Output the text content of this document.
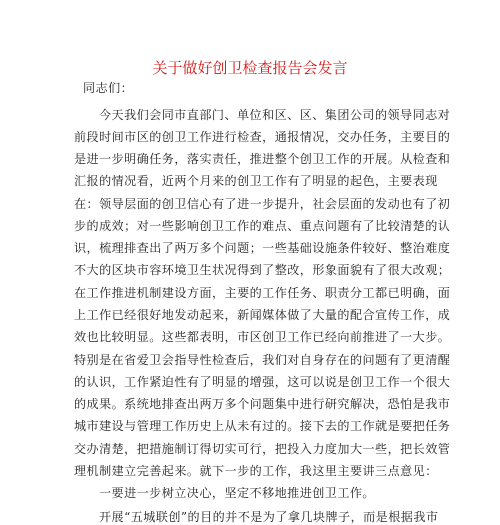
关于做好创卫检查报告会发言
同志们：
今天我们会同市直部门、单位和区、区、集团公司的领导同志对
前段时间市区的创卫工作进行检查，通报情况，交办任务，主要目的
是进一步明确任务，落实责任，推进整个创卫工作的开展。从检查和
汇报的情况看，近两个月来的创卫工作有了明显的起色，主要表现
在：领导层面的创卫信心有了进一步提升，社会层面的发动也有了初
步的成效；对一些影响创卫工作的难点、重点问题有了比较清楚的认
识，梳理排查出了两万多个问题；一些基础设施条件较好、整治难度
不大的区块市容环境卫生状况得到了整改，形象面貌有了很大改观；
在工作推进机制建设方面，主要的工作任务、职责分工都已明确，面
上工作已经很好地发动起来，新闻媒体做了大量的配合宣传工作，成
效也比较明显。这些都表明，市区创卫工作已经向前推进了一大步。
特别是在省爱卫会指导性检查后，我们对自身存在的问题有了更清醒
的认识，工作紧迫性有了明显的增强，这可以说是创卫工作一个很大
的成果。系统地排查出两万多个问题集中进行研究解决，恐怕是我市
城市建设与管理工作历史上从未有过的。接下去的工作就是要把任务
交办清楚，把措施制订得切实可行，把投入力度加大一些，把长效管
理机制建立完善起来。就下一步的工作，我这里主要讲三点意见：
一要进一步树立决心，坚定不移地推进创卫工作。
开展“五城联创”的目的并不是为了拿几块牌子，而是根据我市
